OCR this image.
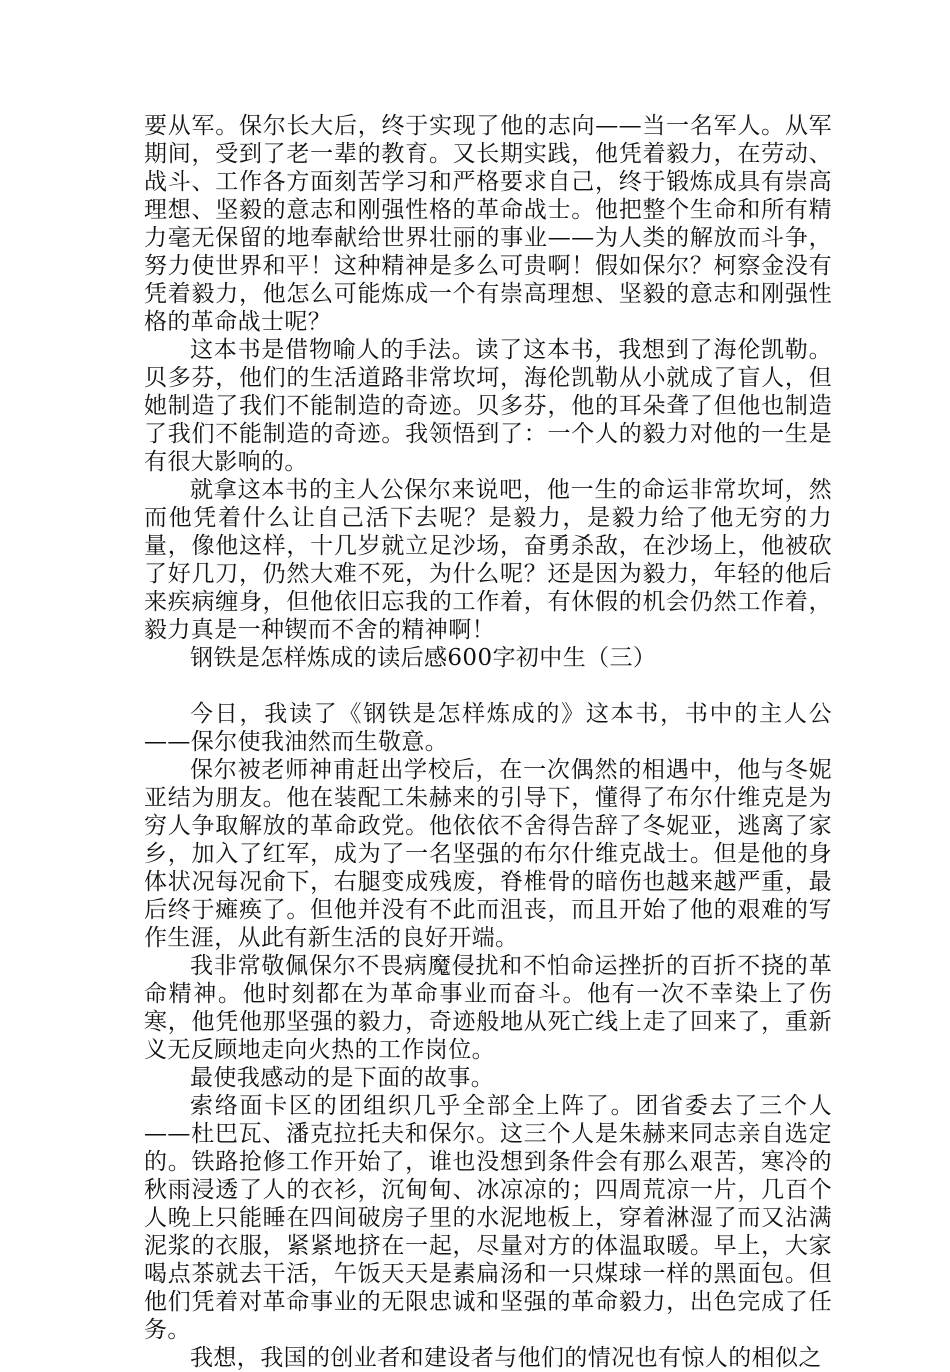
要从军。保尔长大后，终于实现了他的志向——当一名军人。从军期间，受到了老一辈的教育。又长期实践，他凭着毅力，在劳动、战斗、工作各方面刻苦学习和严格要求自己，终于锻炼成具有崇高理想、坚毅的意志和刚强性格的革命战士。他把整个生命和所有精力毫无保留的地奉献给世界壮丽的事业——为人类的解放而斗争，努力使世界和平！这种精神是多么可贵啊！假如保尔？柯察金没有凭着毅力，他怎么可能炼成一个有崇高理想、坚毅的意志和刚强性格的革命战士呢？

这本书是借物喻人的手法。读了这本书，我想到了海伦凯勒。贝多芬，他们的生活道路非常坎坷，海伦凯勒从小就成了盲人，但她制造了我们不能制造的奇迹。贝多芬，他的耳朵聋了但他也制造了我们不能制造的奇迹。我领悟到了：一个人的毅力对他的一生是有很大影响的。

就拿这本书的主人公保尔来说吧，他一生的命运非常坎坷，然而他凭着什么让自己活下去呢？是毅力，是毅力给了他无穷的力量，像他这样，十几岁就立足沙场，奋勇杀敌，在沙场上，他被砍了好几刀，仍然大难不死，为什么呢？还是因为毅力，年轻的他后来疾病缠身，但他依旧忘我的工作着，有休假的机会仍然工作着，毅力真是一种锲而不舍的精神啊！

钢铁是怎样炼成的读后感600字初中生（三）

今日，我读了《钢铁是怎样炼成的》这本书，书中的主人公——保尔使我油然而生敬意。

保尔被老师神甫赶出学校后，在一次偶然的相遇中，他与冬妮亚结为朋友。他在装配工朱赫来的引导下，懂得了布尔什维克是为穷人争取解放的革命政党。他依依不舍得告辞了冬妮亚，逃离了家乡，加入了红军，成为了一名坚强的布尔什维克战士。但是他的身体状况每况俞下，右腿变成残废，脊椎骨的暗伤也越来越严重，最后终于瘫痪了。但他并没有不此而沮丧，而且开始了他的艰难的写作生涯，从此有新生活的良好开端。

我非常敬佩保尔不畏病魔侵扰和不怕命运挫折的百折不挠的革命精神。他时刻都在为革命事业而奋斗。他有一次不幸染上了伤寒，他凭他那坚强的毅力，奇迹般地从死亡线上走了回来了，重新义无反顾地走向火热的工作岗位。

最使我感动的是下面的故事。

索络面卡区的团组织几乎全部全上阵了。团省委去了三个人——杜巴瓦、潘克拉托夫和保尔。这三个人是朱赫来同志亲自选定的。铁路抢修工作开始了，谁也没想到条件会有那么艰苦，寒冷的秋雨浸透了人的衣衫，沉甸甸、冰凉凉的；四周荒凉一片，几百个人晚上只能睡在四间破房子里的水泥地板上，穿着淋湿了而又沾满泥浆的衣服，紧紧地挤在一起，尽量对方的体温取暖。早上，大家喝点茶就去干活，午饭天天是素扁汤和一只煤球一样的黑面包。但他们凭着对革命事业的无限忠诚和坚强的革命毅力，出色完成了任务。

我想，我国的创业者和建设者与他们的情况也有惊人的相似之
